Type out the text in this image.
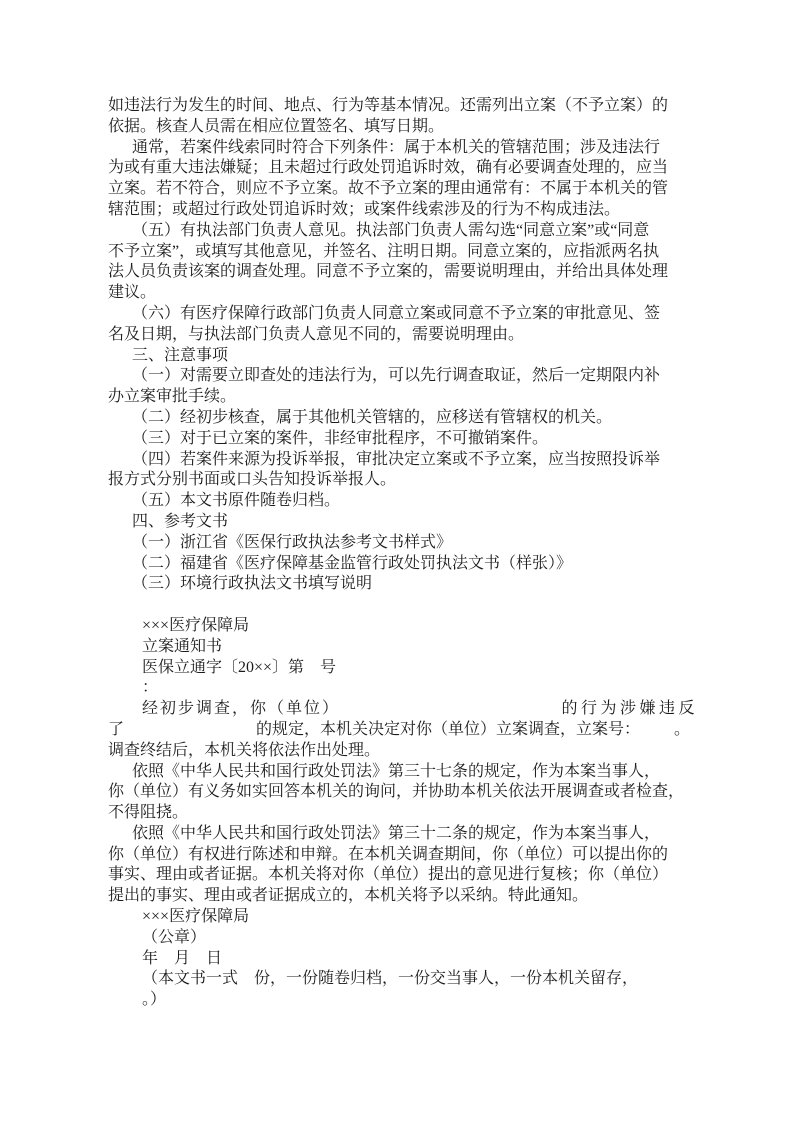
如违法行为发生的时间、地点、行为等基本情况。还需列出立案（不予立案）的
依据。核查人员需在相应位置签名、填写日期。
通常，若案件线索同时符合下列条件：属于本机关的管辖范围；涉及违法行
为或有重大违法嫌疑；且未超过行政处罚追诉时效，确有必要调查处理的，应当
立案。若不符合，则应不予立案。故不予立案的理由通常有：不属于本机关的管
辖范围；或超过行政处罚追诉时效；或案件线索涉及的行为不构成违法。
（五）有执法部门负责人意见。执法部门负责人需勾选“同意立案”或“同意
不予立案”，或填写其他意见，并签名、注明日期。同意立案的，应指派两名执
法人员负责该案的调查处理。同意不予立案的，需要说明理由，并给出具体处理
建议。
（六）有医疗保障行政部门负责人同意立案或同意不予立案的审批意见、签
名及日期，与执法部门负责人意见不同的，需要说明理由。
三、注意事项
（一）对需要立即查处的违法行为，可以先行调查取证，然后一定期限内补
办立案审批手续。
（二）经初步核查，属于其他机关管辖的，应移送有管辖权的机关。
（三）对于已立案的案件，非经审批程序，不可撤销案件。
（四）若案件来源为投诉举报，审批决定立案或不予立案，应当按照投诉举
报方式分别书面或口头告知投诉举报人。
（五）本文书原件随卷归档。
四、参考文书
（一）浙江省《医保行政执法参考文书样式》
（二）福建省《医疗保障基金监管行政处罚执法文书（样张）》
（三）环境行政执法文书填写说明
×××医疗保障局
立案通知书
医保立通字〔20××〕第　号
：
经初步调查，你（单位）	的行为涉嫌违反
了	的规定，本机关决定对你（单位）立案调查，立案号： 。
调查终结后，本机关将依法作出处理。
依照《中华人民共和国行政处罚法》第三十七条的规定，作为本案当事人，
你（单位）有义务如实回答本机关的询问，并协助本机关依法开展调查或者检查，
不得阻挠。
依照《中华人民共和国行政处罚法》第三十二条的规定，作为本案当事人，
你（单位）有权进行陈述和申辩。在本机关调查期间，你（单位）可以提出你的
事实、理由或者证据。本机关将对你（单位）提出的意见进行复核；你（单位）
提出的事实、理由或者证据成立的，本机关将予以采纳。特此通知。
×××医疗保障局
（公章）
年　月　日
（本文书一式　份，一份随卷归档，一份交当事人，一份本机关留存，
。）
